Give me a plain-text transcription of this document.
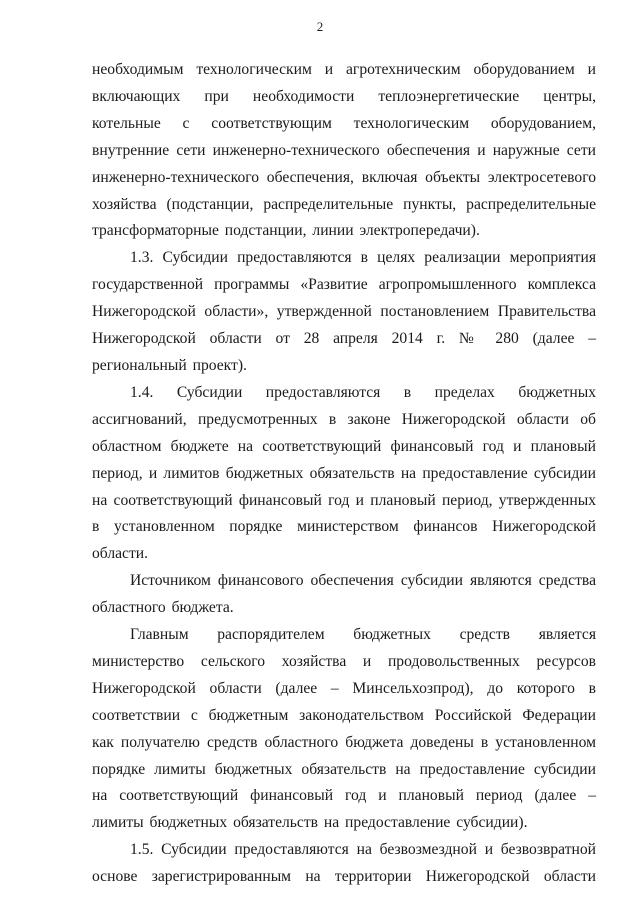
2

необходимым технологическим и агротехническим оборудованием и включающих при необходимости теплоэнергетические центры, котельные с соответствующим технологическим оборудованием, внутренние сети инженерно-технического обеспечения и наружные сети инженерно-технического обеспечения, включая объекты электросетевого хозяйства (подстанции, распределительные пункты, распределительные трансформаторные подстанции, линии электропередачи).

1.3. Субсидии предоставляются в целях реализации мероприятия государственной программы «Развитие агропромышленного комплекса Нижегородской области», утвержденной постановлением Правительства Нижегородской области от 28 апреля 2014 г. № 280 (далее – региональный проект).

1.4. Субсидии предоставляются в пределах бюджетных ассигнований, предусмотренных в законе Нижегородской области об областном бюджете на соответствующий финансовый год и плановый период, и лимитов бюджетных обязательств на предоставление субсидии на соответствующий финансовый год и плановый период, утвержденных в установленном порядке министерством финансов Нижегородской области.

Источником финансового обеспечения субсидии являются средства областного бюджета.

Главным распорядителем бюджетных средств является министерство сельского хозяйства и продовольственных ресурсов Нижегородской области (далее – Минсельхозпрод), до которого в соответствии с бюджетным законодательством Российской Федерации как получателю средств областного бюджета доведены в установленном порядке лимиты бюджетных обязательств на предоставление субсидии на соответствующий финансовый год и плановый период (далее – лимиты бюджетных обязательств на предоставление субсидии).

1.5. Субсидии предоставляются на безвозмездной и безвозвратной основе зарегистрированным на территории Нижегородской области
